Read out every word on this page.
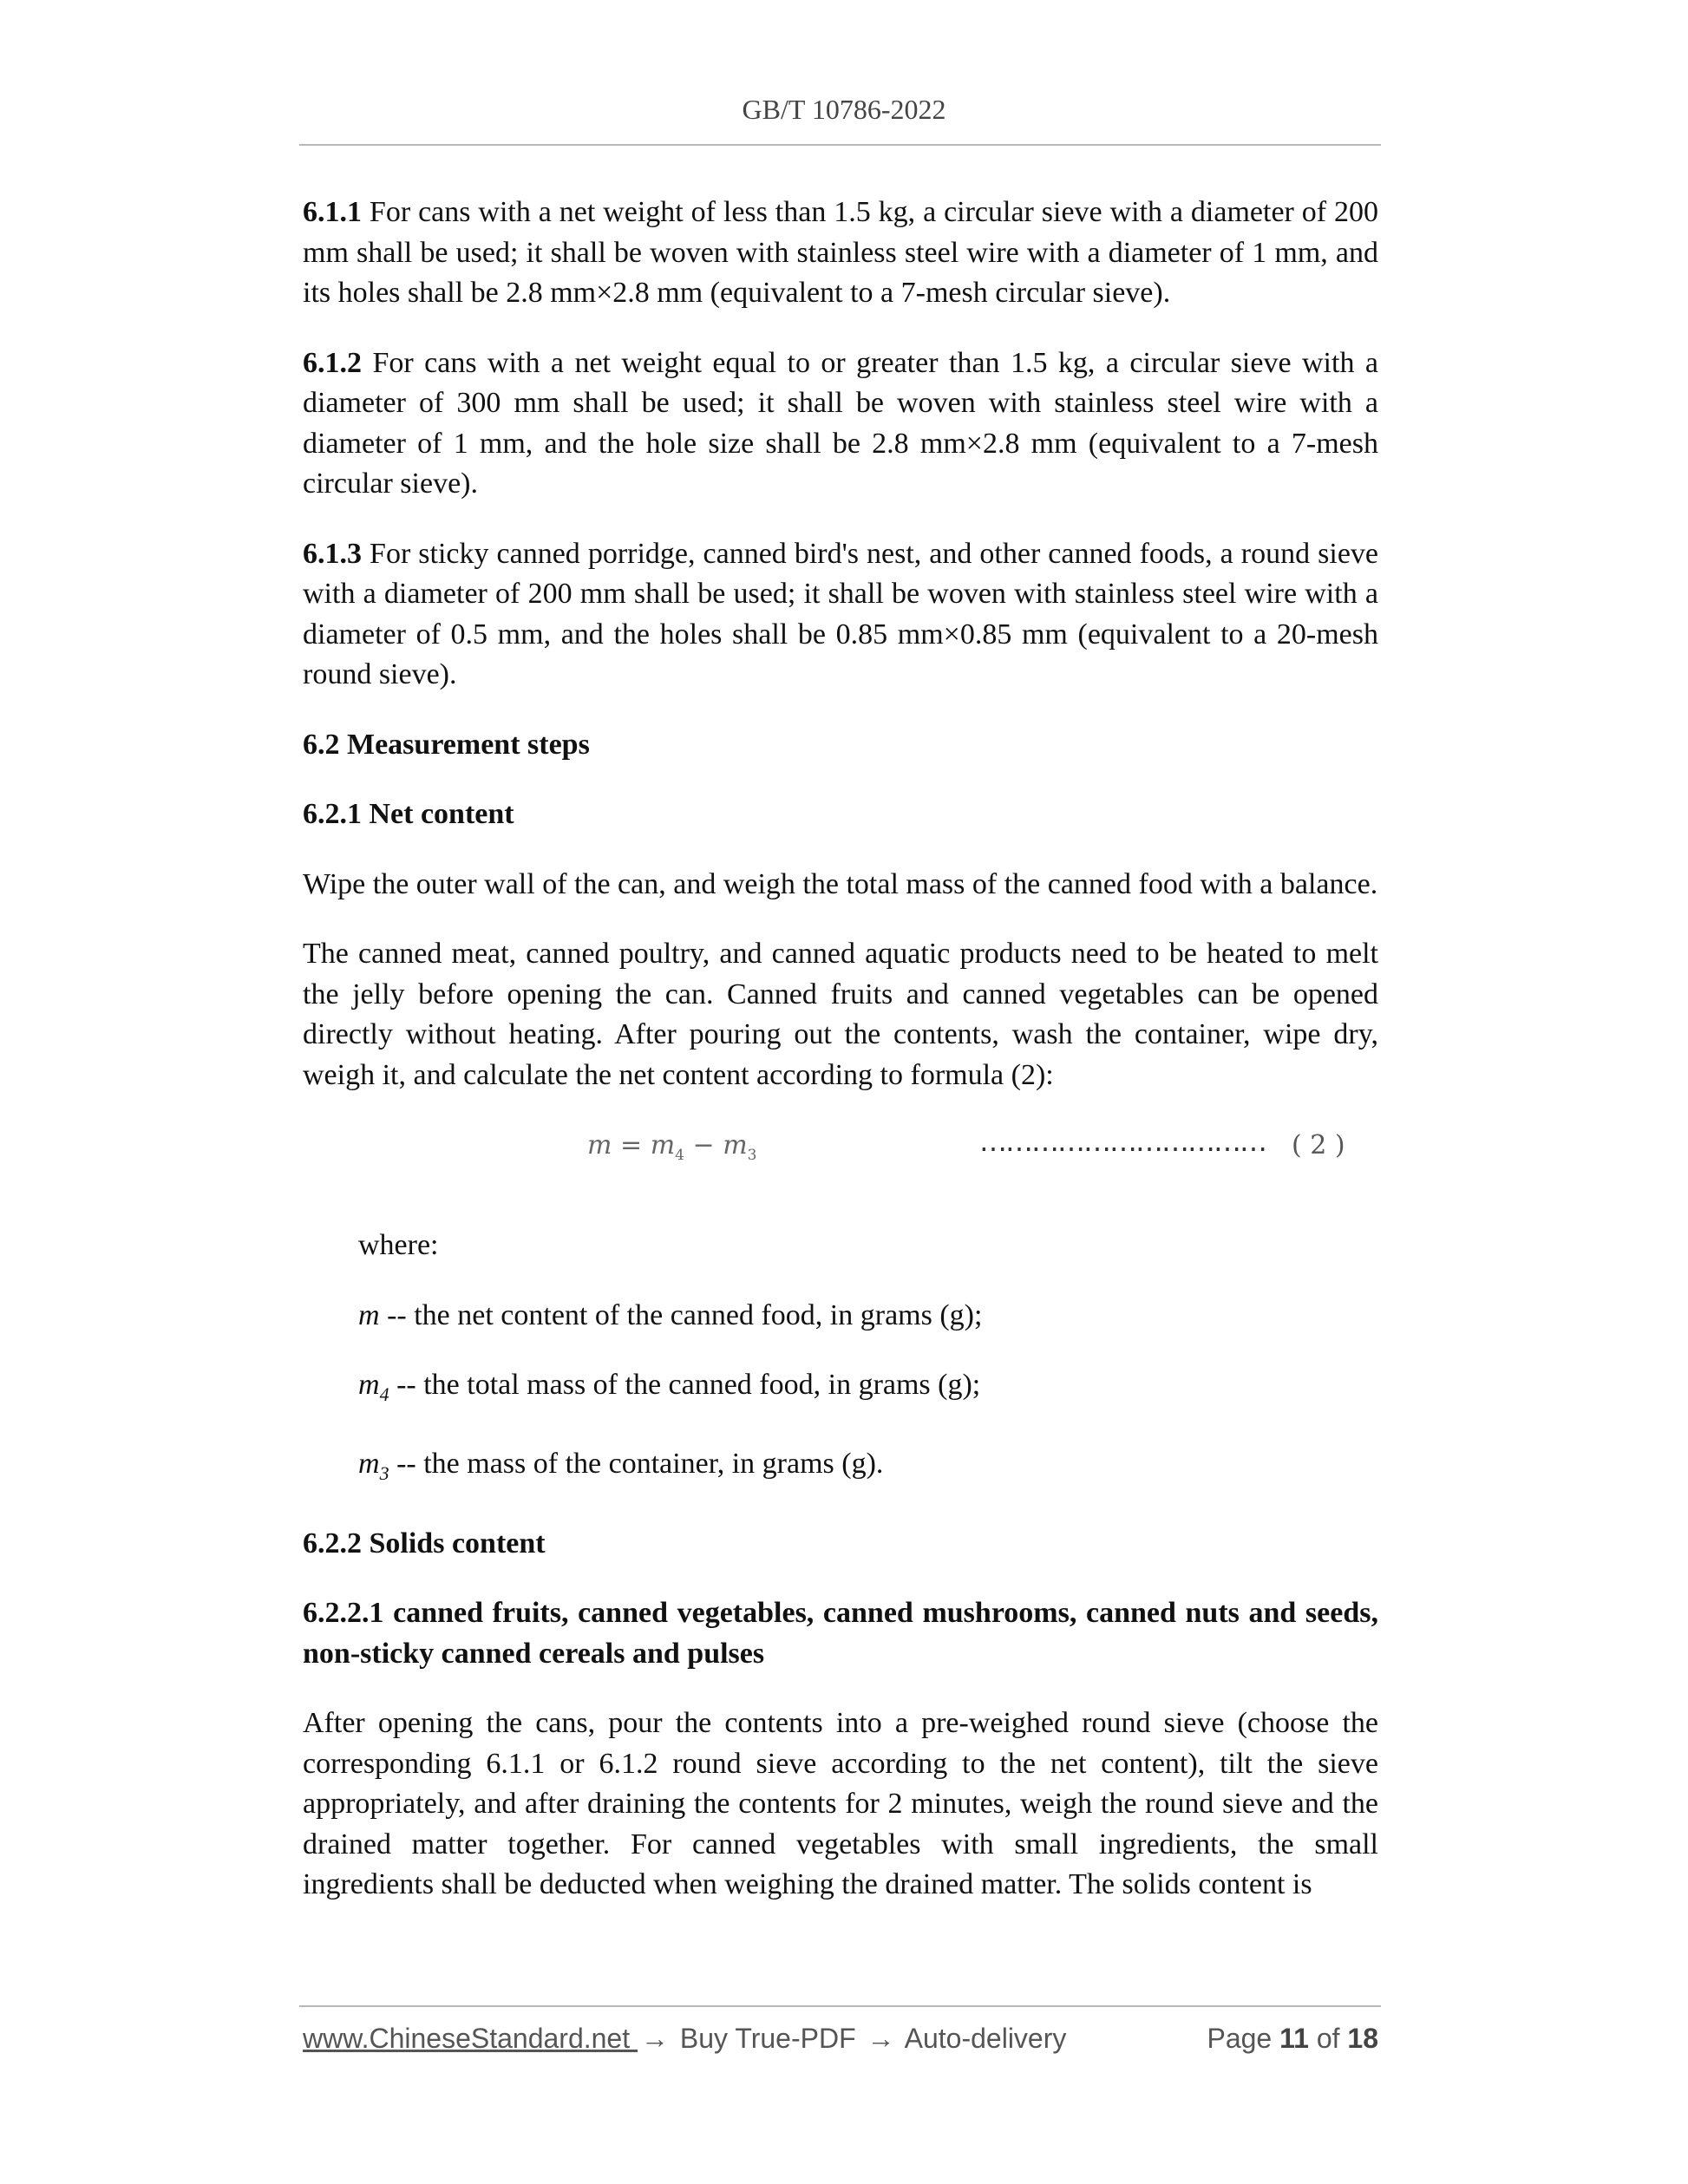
GB/T 10786-2022

6.1.1 For cans with a net weight of less than 1.5 kg, a circular sieve with a diameter of 200 mm shall be used; it shall be woven with stainless steel wire with a diameter of 1 mm, and its holes shall be 2.8 mm×2.8 mm (equivalent to a 7-mesh circular sieve).

6.1.2 For cans with a net weight equal to or greater than 1.5 kg, a circular sieve with a diameter of 300 mm shall be used; it shall be woven with stainless steel wire with a diameter of 1 mm, and the hole size shall be 2.8 mm×2.8 mm (equivalent to a 7-mesh circular sieve).

6.1.3 For sticky canned porridge, canned bird's nest, and other canned foods, a round sieve with a diameter of 200 mm shall be used; it shall be woven with stainless steel wire with a diameter of 0.5 mm, and the holes shall be 0.85 mm×0.85 mm (equivalent to a 20-mesh round sieve).

6.2 Measurement steps
6.2.1 Net content

Wipe the outer wall of the can, and weigh the total mass of the canned food with a balance.

The canned meat, canned poultry, and canned aquatic products need to be heated to melt the jelly before opening the can. Canned fruits and canned vegetables can be opened directly without heating. After pouring out the contents, wash the container, wipe dry, weigh it, and calculate the net content according to formula (2):

$m = m_4 - m_3$	…………………………… ( 2 )

where:

m -- the net content of the canned food, in grams (g);

$m_4$ -- the total mass of the canned food, in grams (g);

$m_3$ -- the mass of the container, in grams (g).

6.2.2 Solids content
6.2.2.1 canned fruits, canned vegetables, canned mushrooms, canned nuts and seeds, non-sticky canned cereals and pulses

After opening the cans, pour the contents into a pre-weighed round sieve (choose the corresponding 6.1.1 or 6.1.2 round sieve according to the net content), tilt the sieve appropriately, and after draining the contents for 2 minutes, weigh the round sieve and the drained matter together. For canned vegetables with small ingredients, the small ingredients shall be deducted when weighing the drained matter. The solids content is

www.ChineseStandard.net → Buy True-PDF → Auto-delivery	Page 11 of 18
